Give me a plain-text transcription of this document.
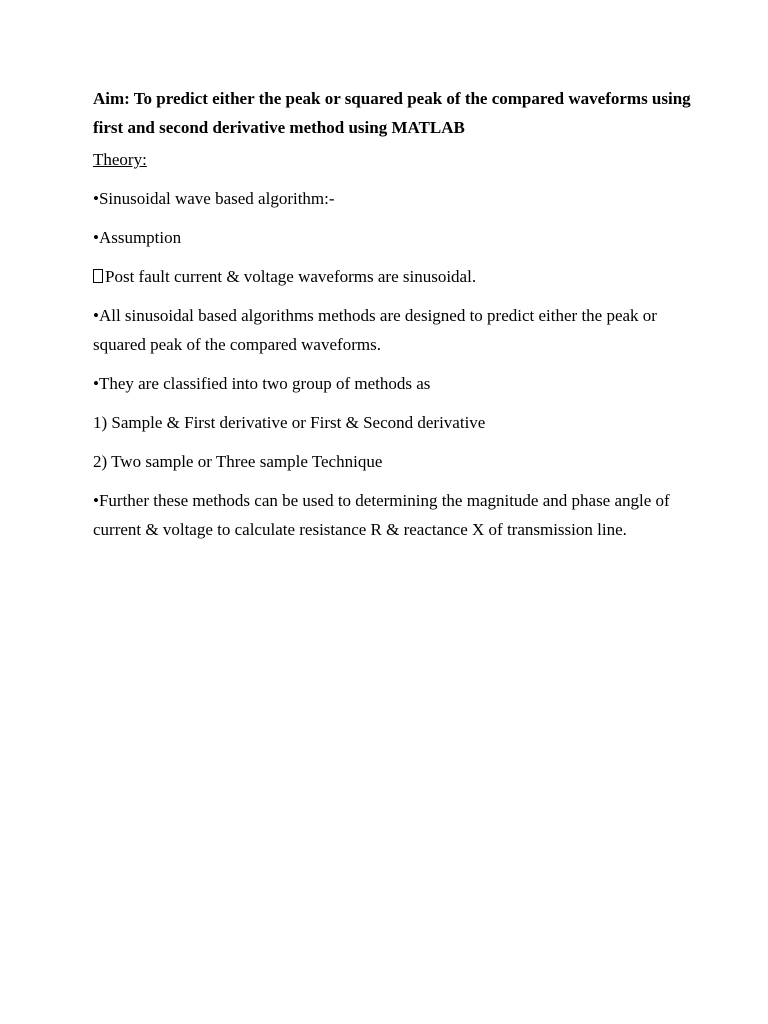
Aim: To predict either the peak or squared peak of the compared waveforms using first and second derivative method using MATLAB

Theory:

•Sinusoidal wave based algorithm:-

•Assumption

Post fault current & voltage waveforms are sinusoidal.

•All sinusoidal based algorithms methods are designed to predict either the peak or squared peak of the compared waveforms.

•They are classified into two group of methods as

1) Sample & First derivative or First & Second derivative

2) Two sample or Three sample Technique

•Further these methods can be used to determining the magnitude and phase angle of current & voltage to calculate resistance R & reactance X of transmission line.
